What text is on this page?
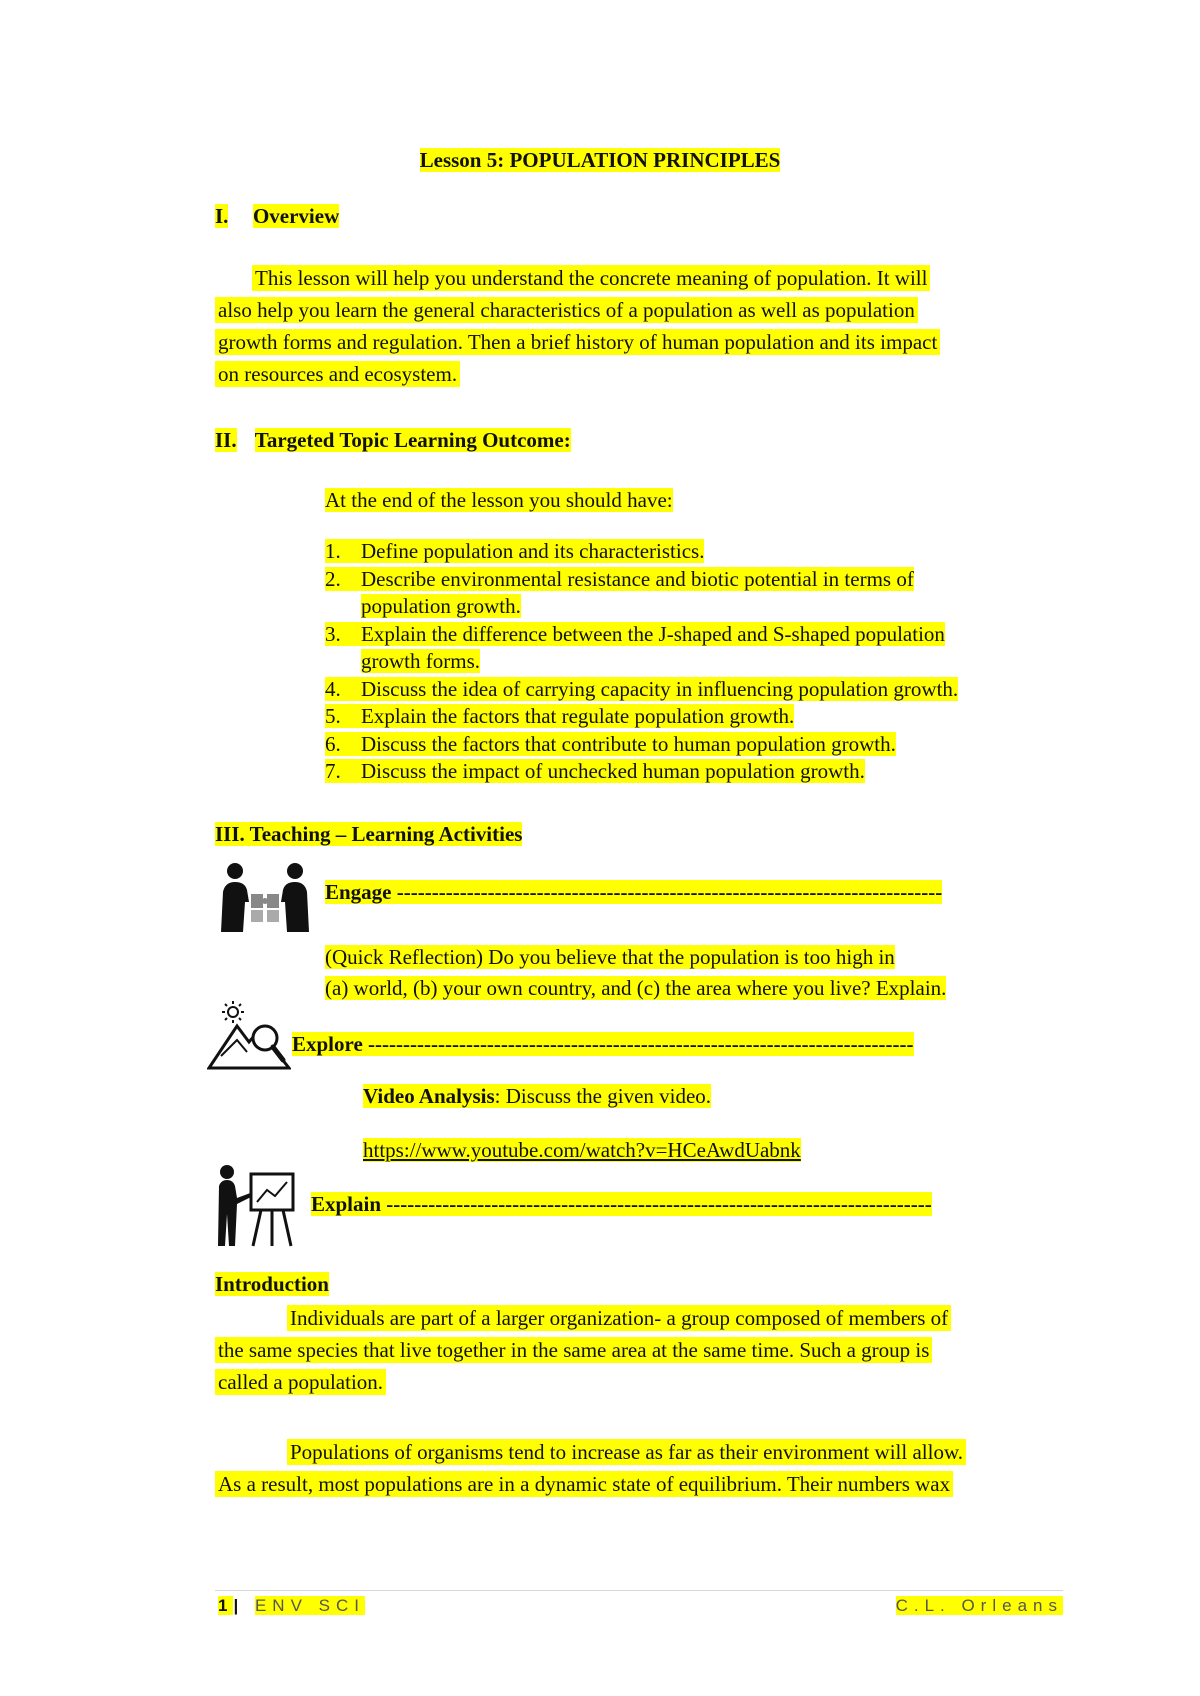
Lesson 5: POPULATION PRINCIPLES
I. Overview
This lesson will help you understand the concrete meaning of population. It will
also help you learn the general characteristics of a population as well as population
growth forms and regulation. Then a brief history of human population and its impact
on resources and ecosystem.
II. Targeted Topic Learning Outcome:
At the end of the lesson you should have:
1. Define population and its characteristics.
2. Describe environmental resistance and biotic potential in terms of
population growth.
3. Explain the difference between the J-shaped and S-shaped population
growth forms.
4. Discuss the idea of carrying capacity in influencing population growth.
5. Explain the factors that regulate population growth.
6. Discuss the factors that contribute to human population growth.
7. Discuss the impact of unchecked human population growth.
III. Teaching – Learning Activities
Engage ------------------------------------------------------------------------------
(Quick Reflection) Do you believe that the population is too high in
(a) world, (b) your own country, and (c) the area where you live? Explain.
Explore ------------------------------------------------------------------------------
Video Analysis: Discuss the given video.
https://www.youtube.com/watch?v=HCeAwdUabnk
Explain ------------------------------------------------------------------------------
Introduction
Individuals are part of a larger organization- a group composed of members of
the same species that live together in the same area at the same time. Such a group is
called a population.
Populations of organisms tend to increase as far as their environment will allow.
As a result, most populations are in a dynamic state of equilibrium. Their numbers wax
1| ENV SCI	C.L. Orleans
